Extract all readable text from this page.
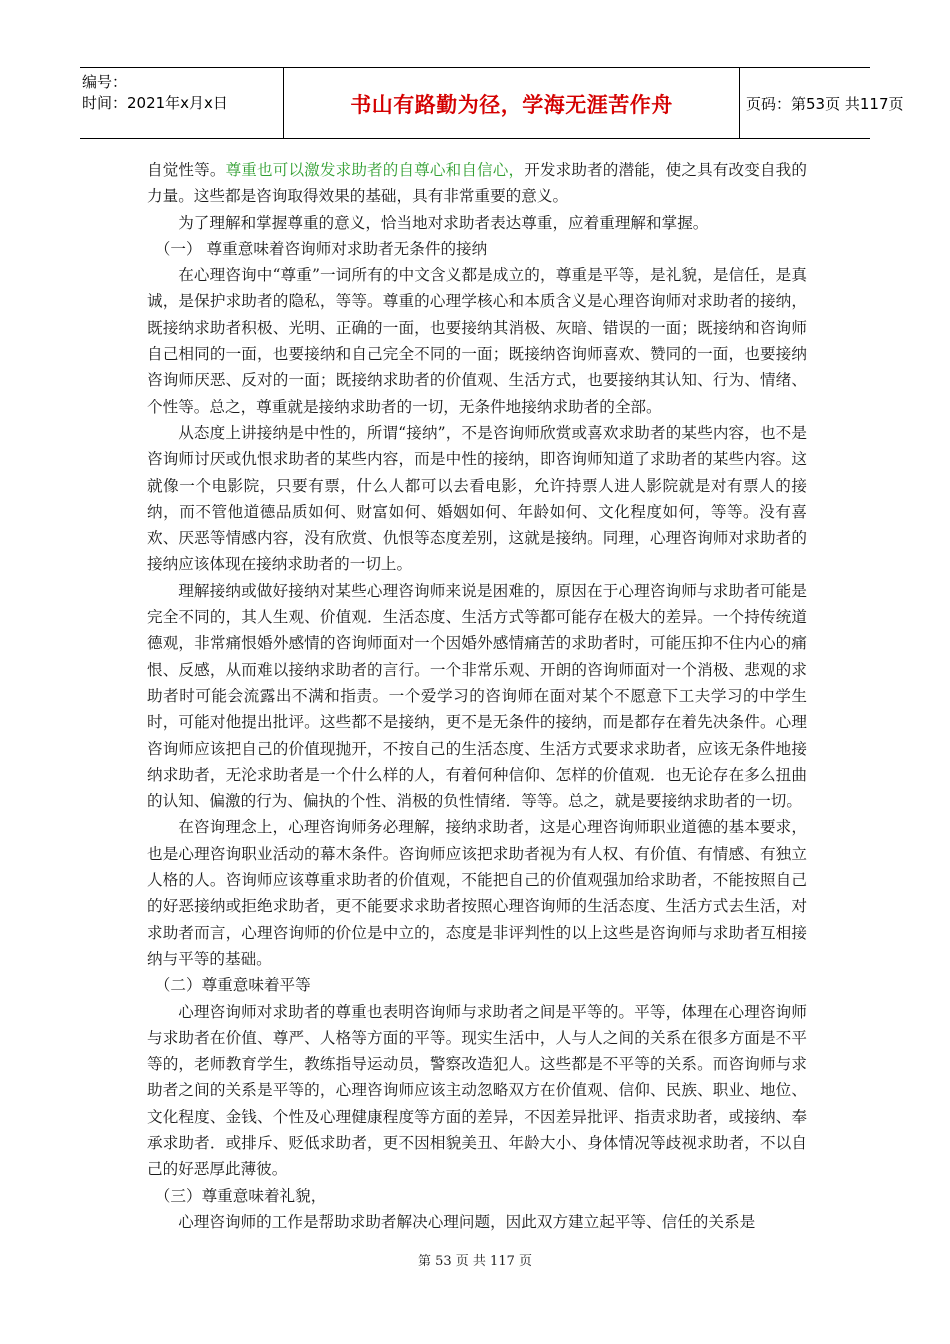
编号：
时间：2021年x月x日	书山有路勤为径，学海无涯苦作舟	页码：第53页 共117页

自觉性等。尊重也可以激发求助者的自尊心和自信心，开发求助者的潜能，使之具有改变自我的力量。这些都是咨询取得效果的基础，具有非常重要的意义。

为了理解和掌握尊重的意义，恰当地对求助者表达尊重，应着重理解和掌握。

（一） 尊重意味着咨询师对求助者无条件的接纳

在心理咨询中“尊重”一词所有的中文含义都是成立的，尊重是平等，是礼貌，是信任，是真诚，是保护求助者的隐私，等等。尊重的心理学核心和本质含义是心理咨询师对求助者的接纳，既接纳求助者积极、光明、正确的一面，也要接纳其消极、灰暗、错误的一面；既接纳和咨询师自己相同的一面，也要接纳和自己完全不同的一面；既接纳咨询师喜欢、赞同的一面，也要接纳咨询师厌恶、反对的一面；既接纳求助者的价值观、生活方式，也要接纳其认知、行为、情绪、个性等。总之，尊重就是接纳求助者的一切，无条件地接纳求助者的全部。

从态度上讲接纳是中性的，所谓“接纳”，不是咨询师欣赏或喜欢求助者的某些内容，也不是咨询师讨厌或仇恨求助者的某些内容，而是中性的接纳，即咨询师知道了求助者的某些内容。这就像一个电影院，只要有票，什么人都可以去看电影，允许持票人进人影院就是对有票人的接纳，而不管他道德品质如何、财富如何、婚姻如何、年龄如何、文化程度如何，等等。没有喜欢、厌恶等情感内容，没有欣赏、仇恨等态度差别，这就是接纳。同理，心理咨询师对求助者的接纳应该体现在接纳求助者的一切上。

理解接纳或做好接纳对某些心理咨询师来说是困难的，原因在于心理咨询师与求助者可能是完全不同的，其人生观、价值观．生活态度、生活方式等都可能存在极大的差异。一个持传统道德观，非常痛恨婚外感情的咨询师面对一个因婚外感情痛苦的求助者时，可能压抑不住内心的痛恨、反感，从而难以接纳求助者的言行。一个非常乐观、开朗的咨询师面对一个消极、悲观的求助者时可能会流露出不满和指责。一个爱学习的咨询师在面对某个不愿意下工夫学习的中学生时，可能对他提出批评。这些都不是接纳，更不是无条件的接纳，而是都存在着先决条件。心理咨询师应该把自己的价值现抛开，不按自己的生活态度、生活方式要求求助者，应该无条件地接纳求助者，无沦求助者是一个什么样的人，有着何种信仰、怎样的价值观．也无论存在多么扭曲的认知、偏激的行为、偏执的个性、消极的负性情绪．等等。总之，就是要接纳求助者的一切。

在咨询理念上，心理咨询师务必理解，接纳求助者，这是心理咨询师职业道德的基本要求，也是心理咨询职业活动的幕木条件。咨询师应该把求助者视为有人权、有价值、有情感、有独立人格的人。咨询师应该尊重求助者的价值观，不能把自己的价值观强加给求助者，不能按照自己的好恶接纳或拒绝求助者，更不能要求求助者按照心理咨询师的生活态度、生活方式去生活，对求助者而言，心理咨询师的价位是中立的，态度是非评判性的以上这些是咨询师与求助者互相接纳与平等的基础。

（二）尊重意味着平等

心理咨询师对求助者的尊重也表明咨询师与求助者之间是平等的。平等，体理在心理咨询师与求助者在价值、尊严、人格等方面的平等。现实生活中，人与人之间的关系在很多方面是不平等的，老师教育学生，教练指导运动员，警察改造犯人。这些都是不平等的关系。而咨询师与求助者之间的关系是平等的，心理咨询师应该主动忽略双方在价值观、信仰、民族、职业、地位、文化程度、金钱、个性及心理健康程度等方面的差异，不因差异批评、指责求助者，或接纳、奉承求助者．或排斥、贬低求助者，更不因相貌美丑、年龄大小、身体情况等歧视求助者，不以自己的好恶厚此薄彼。

（三）尊重意味着礼貌，

心理咨询师的工作是帮助求助者解决心理问题，因此双方建立起平等、信任的关系是

第 53 页 共 117 页
